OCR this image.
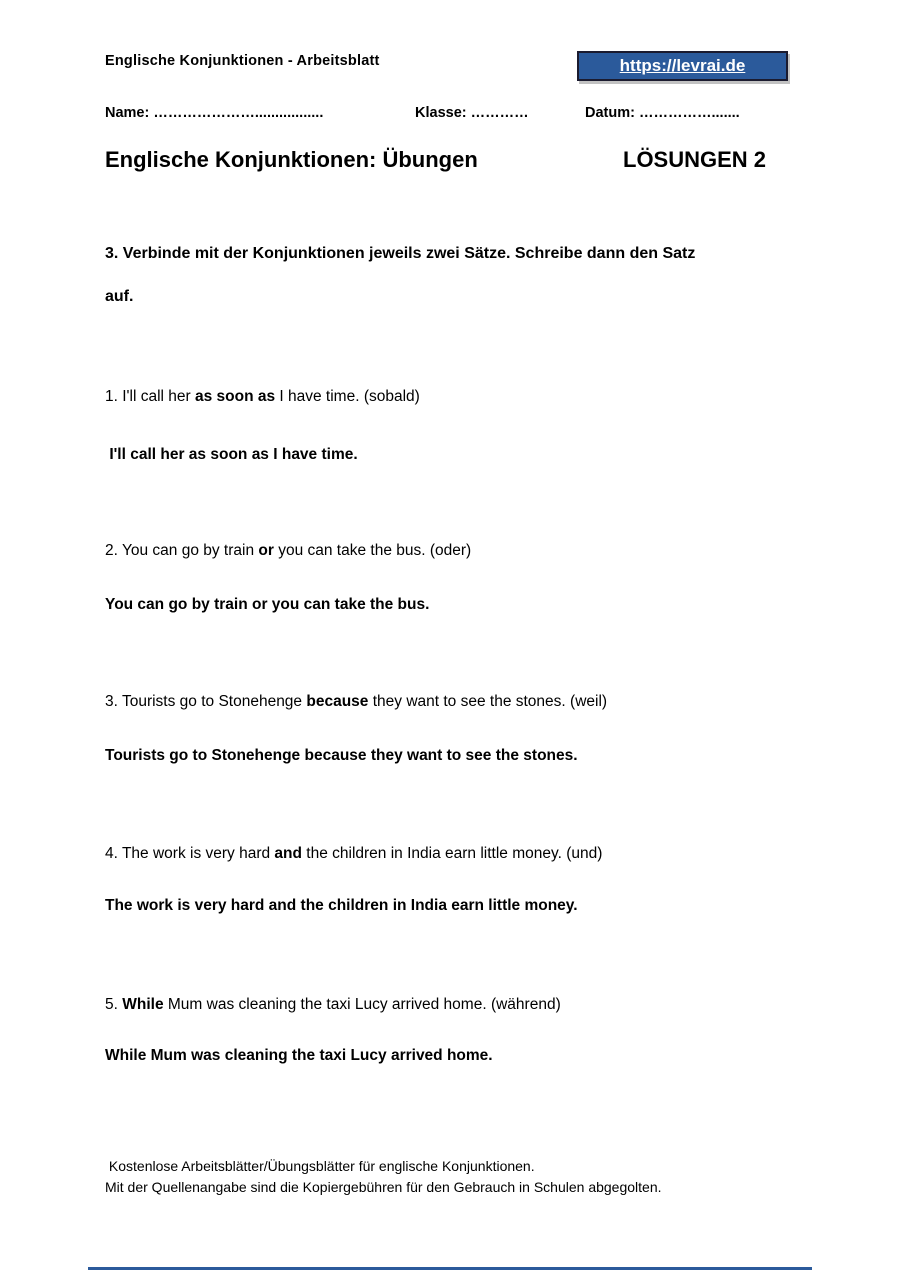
Englische Konjunktionen - Arbeitsblatt	https://levrai.de
Name: ………………….................	Klasse: …………	Datum: …………….......
Englische Konjunktionen: Übungen	LÖSUNGEN 2
3. Verbinde mit der Konjunktionen jeweils zwei Sätze. Schreibe dann den Satz
auf.
1. I'll call her as soon as I have time. (sobald)
I'll call her as soon as I have time.
2. You can go by train or you can take the bus. (oder)
You can go by train or you can take the bus.
3. Tourists go to Stonehenge because they want to see the stones. (weil)
Tourists go to Stonehenge because they want to see the stones.
4. The work is very hard and the children in India earn little money. (und)
The work is very hard and the children in India earn little money.
5. While Mum was cleaning the taxi Lucy arrived home. (während)
While Mum was cleaning the taxi Lucy arrived home.
Kostenlose Arbeitsblätter/Übungsblätter für englische Konjunktionen.
Mit der Quellenangabe sind die Kopiergebühren für den Gebrauch in Schulen abgegolten.
